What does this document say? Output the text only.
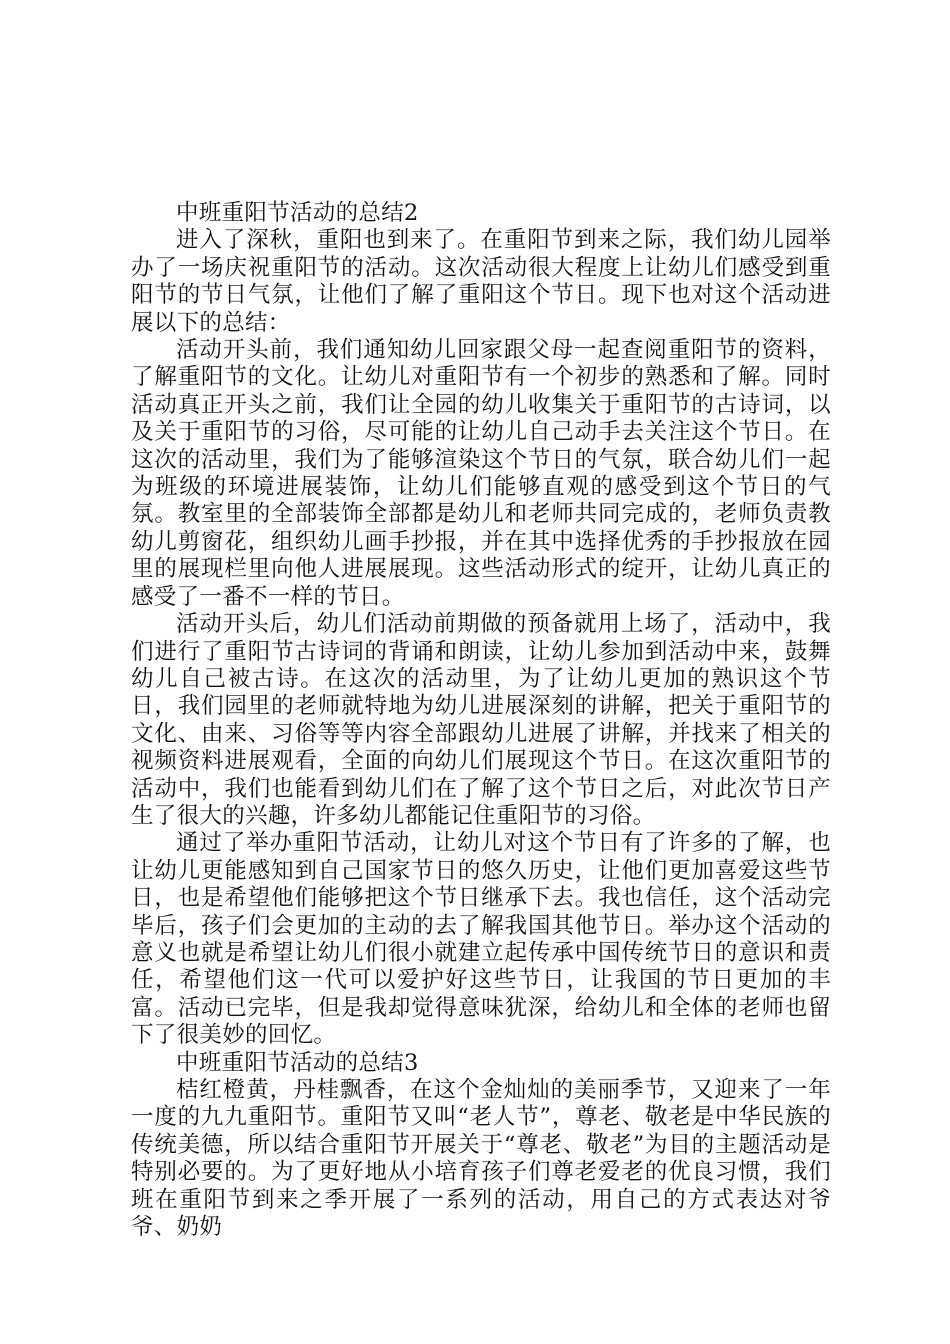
中班重阳节活动的总结2

进入了深秋，重阳也到来了。在重阳节到来之际，我们幼儿园举办了一场庆祝重阳节的活动。这次活动很大程度上让幼儿们感受到重阳节的节日气氛，让他们了解了重阳这个节日。现下也对这个活动进展以下的总结：

活动开头前，我们通知幼儿回家跟父母一起查阅重阳节的资料，了解重阳节的文化。让幼儿对重阳节有一个初步的熟悉和了解。同时活动真正开头之前，我们让全园的幼儿收集关于重阳节的古诗词，以及关于重阳节的习俗，尽可能的让幼儿自己动手去关注这个节日。在这次的活动里，我们为了能够渲染这个节日的气氛，联合幼儿们一起为班级的环境进展装饰，让幼儿们能够直观的感受到这个节日的气氛。教室里的全部装饰全部都是幼儿和老师共同完成的，老师负责教幼儿剪窗花，组织幼儿画手抄报，并在其中选择优秀的手抄报放在园里的展现栏里向他人进展展现。这些活动形式的绽开，让幼儿真正的感受了一番不一样的节日。

活动开头后，幼儿们活动前期做的预备就用上场了，活动中，我们进行了重阳节古诗词的背诵和朗读，让幼儿参加到活动中来，鼓舞幼儿自己被古诗。在这次的活动里，为了让幼儿更加的熟识这个节日，我们园里的老师就特地为幼儿进展深刻的讲解，把关于重阳节的文化、由来、习俗等等内容全部跟幼儿进展了讲解，并找来了相关的视频资料进展观看，全面的向幼儿们展现这个节日。在这次重阳节的活动中，我们也能看到幼儿们在了解了这个节日之后，对此次节日产生了很大的兴趣，许多幼儿都能记住重阳节的习俗。

通过了举办重阳节活动，让幼儿对这个节日有了许多的了解，也让幼儿更能感知到自己国家节日的悠久历史，让他们更加喜爱这些节日，也是希望他们能够把这个节日继承下去。我也信任，这个活动完毕后，孩子们会更加的主动的去了解我国其他节日。举办这个活动的意义也就是希望让幼儿们很小就建立起传承中国传统节日的意识和责任，希望他们这一代可以爱护好这些节日，让我国的节日更加的丰富。活动已完毕，但是我却觉得意味犹深，给幼儿和全体的老师也留下了很美妙的回忆。

中班重阳节活动的总结3

桔红橙黄，丹桂飘香，在这个金灿灿的美丽季节，又迎来了一年一度的九九重阳节。重阳节又叫“老人节”，尊老、敬老是中华民族的传统美德，所以结合重阳节开展关于“尊老、敬老”为目的主题活动是特别必要的。为了更好地从小培育孩子们尊老爱老的优良习惯，我们班在重阳节到来之季开展了一系列的活动，用自己的方式表达对爷爷、奶奶
